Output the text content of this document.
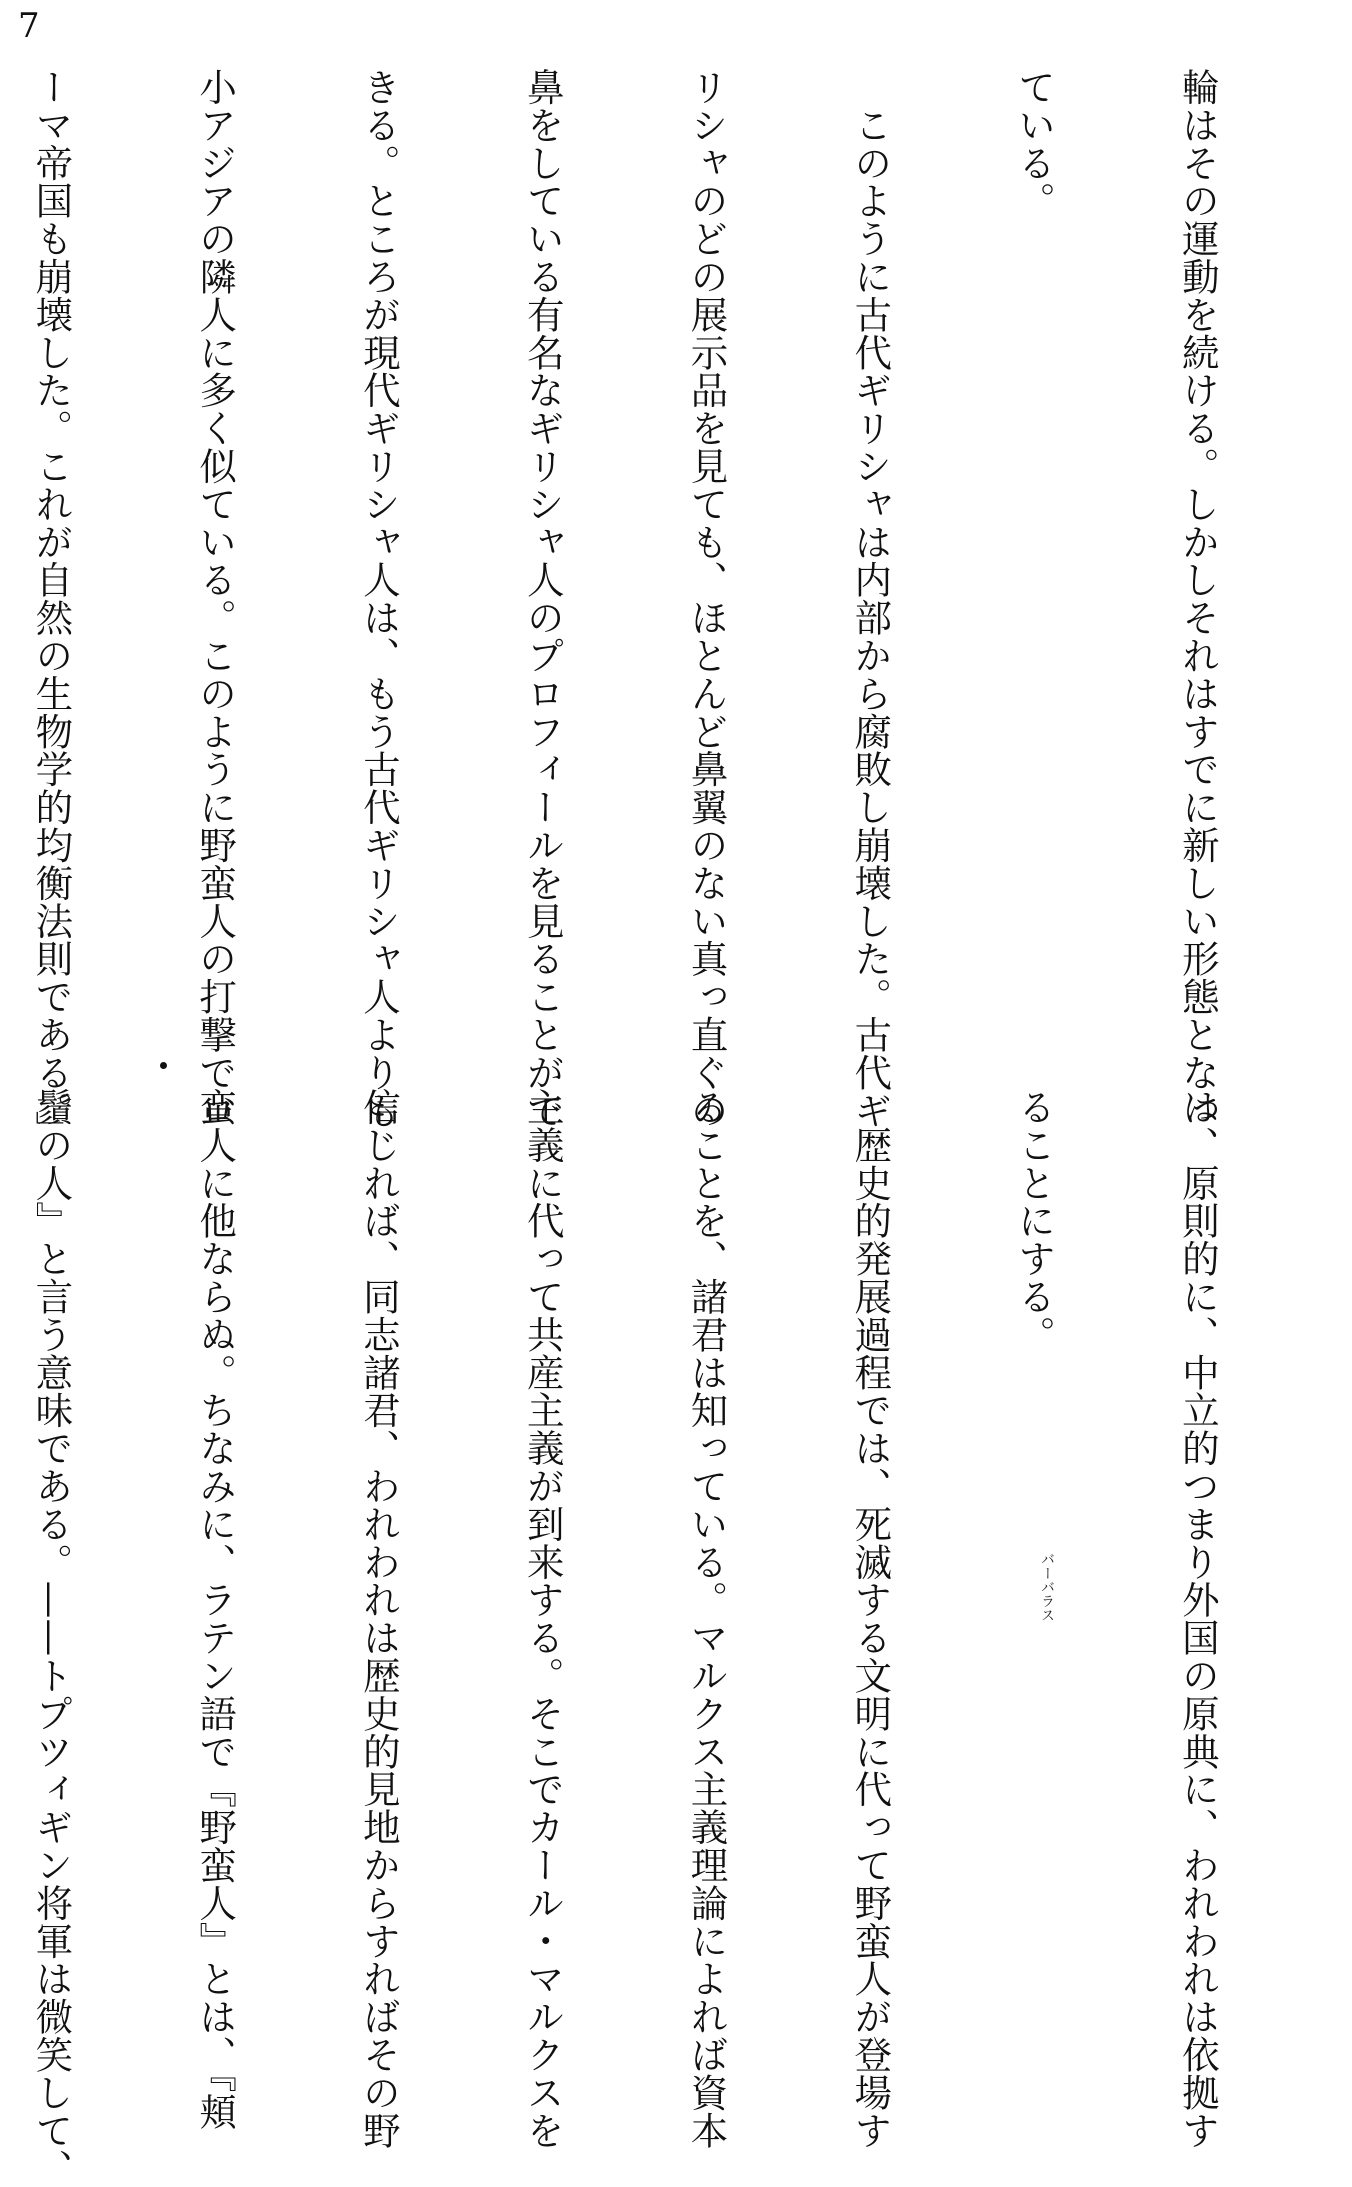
7

輪はその運動を続ける。しかしそれはすでに新しい形態となっ

ている。

　このように古代ギリシャは内部から腐敗し崩壊した。古代ギ

リシャのどの展示品を見ても、ほとんど鼻翼のない真っ直ぐの

鼻をしている有名なギリシャ人のプロフィールを見ることがで

きる。ところが現代ギリシャ人は、もう古代ギリシャ人よりも

小アジアの隣人に多く似ている。このように野蛮人の打撃でロ

ーマ帝国も崩壊した。これが自然の生物学的均衡法則である。」

は、原則的に、中立的つまり外国の原典に、われわれは依拠す

ることにする。

　歴史的発展過程では、死滅する文明に代って野蛮人が登場す

ることを、諸君は知っている。マルクス主義理論によれば資本

主義に代って共産主義が到来する。そこでカール・マルクスを

信じれば、同志諸君、われわれは歴史的見地からすればその野

蛮人に他ならぬ。ちなみに、ラテン語で『野蛮人』とは、『頬

鬚の人』と言う意味である。——トプツィギン将軍は微笑して、

	バーバラス
